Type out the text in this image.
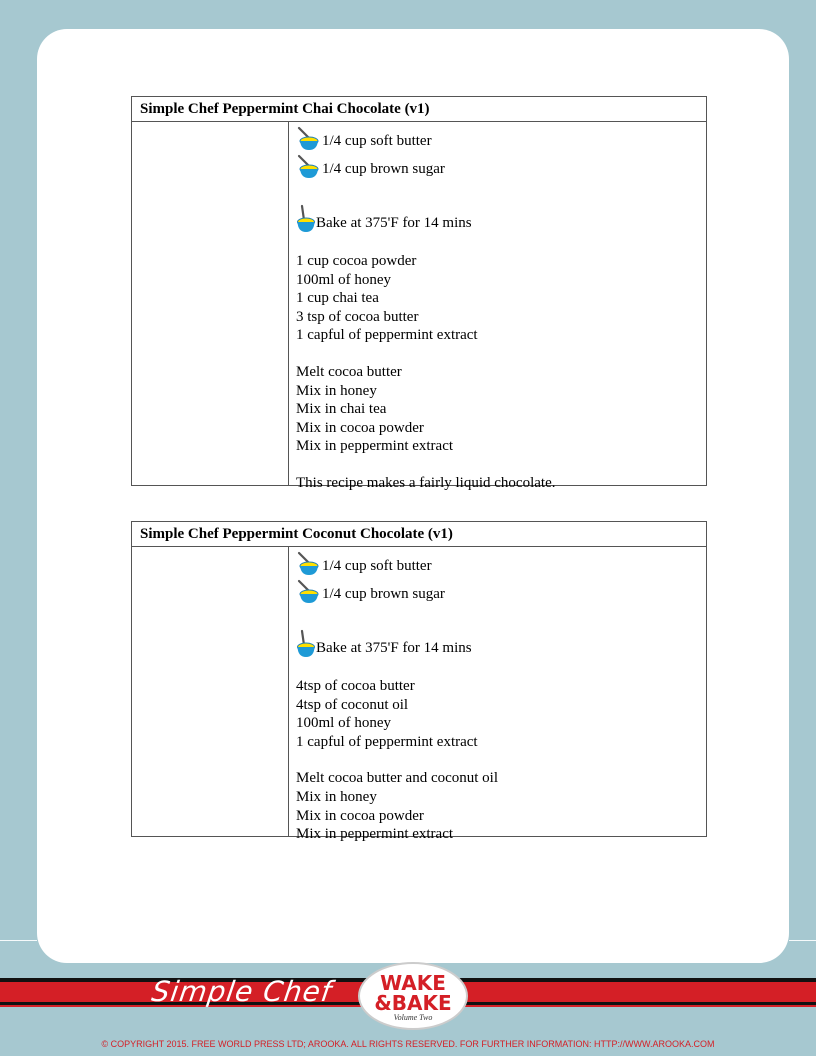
Simple Chef Peppermint Chai Chocolate (v1)
1/4 cup soft butter
1/4 cup brown sugar
Bake at 375'F for 14 mins
1 cup cocoa powder
100ml of honey
1 cup chai tea
3 tsp of cocoa butter
1 capful of peppermint extract
Melt cocoa butter
Mix in honey
Mix in chai tea
Mix in cocoa powder
Mix in peppermint extract
This recipe makes a fairly liquid chocolate.
Simple Chef Peppermint Coconut Chocolate (v1)
1/4 cup soft butter
1/4 cup brown sugar
Bake at 375'F for 14 mins
4tsp of cocoa butter
4tsp of coconut oil
100ml of honey
1 capful of peppermint extract
Melt cocoa butter and coconut oil
Mix in honey
Mix in cocoa powder
Mix in peppermint extract
Simple Chef	WAKE
&BAKE
Volume Two
© COPYRIGHT 2015. FREE WORLD PRESS LTD; AROOKA. ALL RIGHTS RESERVED. FOR FURTHER INFORMATION: HTTP://WWW.AROOKA.COM
